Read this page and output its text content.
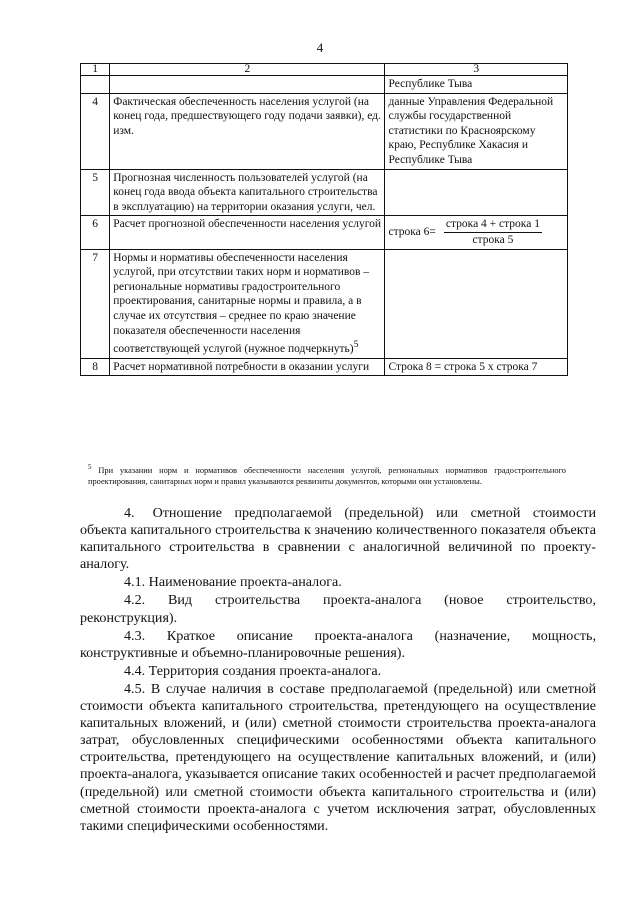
4
1	2	3
		Республике Тыва
4	Фактическая обеспеченность населения услугой (на конец года, предшествующего году подачи заявки), ед. изм.	данные Управления Федеральной службы государственной статистики по Красноярскому краю, Республике Хакасия и Республике Тыва
5	Прогнозная численность пользователей услугой (на конец года ввода объекта капитального строительства в эксплуатацию) на территории оказания услуги, чел.	
6	Расчет прогнозной обеспеченности населения услугой	строка $6= \frac{\text{строка 4 + строка 1}}{\text{строка 5}}$

7	Нормы и нормативы обеспеченности населения услугой, при отсутствии таких норм и нормативов – региональные нормативы градостроительного проектирования, санитарные нормы и правила, а в случае их отсутствия – среднее по краю значение показателя обеспеченности населения соответствующей услугой (нужное подчеркнуть)$^5$	
8	Расчет нормативной потребности в оказании услуги	Строка 8 = строка 5 х строка 7
$^5$ При указании норм и нормативов обеспеченности населения услугой, региональных нормативов градостроительного проектирования, санитарных норм и правил указываются реквизиты документов, которыми они установлены.

4. Отношение предполагаемой (предельной) или сметной стоимости объекта капитального строительства к значению количественного показателя объекта капитального строительства в сравнении с аналогичной величиной по проекту-аналогу.

4.1. Наименование проекта-аналога.

4.2. Вид строительства проекта-аналога (новое строительство, реконструкция).

4.3. Краткое описание проекта-аналога (назначение, мощность, конструктивные и объемно-планировочные решения).

4.4. Территория создания проекта-аналога.

4.5. В случае наличия в составе предполагаемой (предельной) или сметной стоимости объекта капитального строительства, претендующего на осуществление капитальных вложений, и (или) сметной стоимости строительства проекта-аналога затрат, обусловленных специфическими особенностями объекта капитального строительства, претендующего на осуществление капитальных вложений, и (или) проекта-аналога, указывается описание таких особенностей и расчет предполагаемой (предельной) или сметной стоимости объекта капитального строительства и (или) сметной стоимости проекта-аналога с учетом исключения затрат, обусловленных такими специфическими особенностями.
